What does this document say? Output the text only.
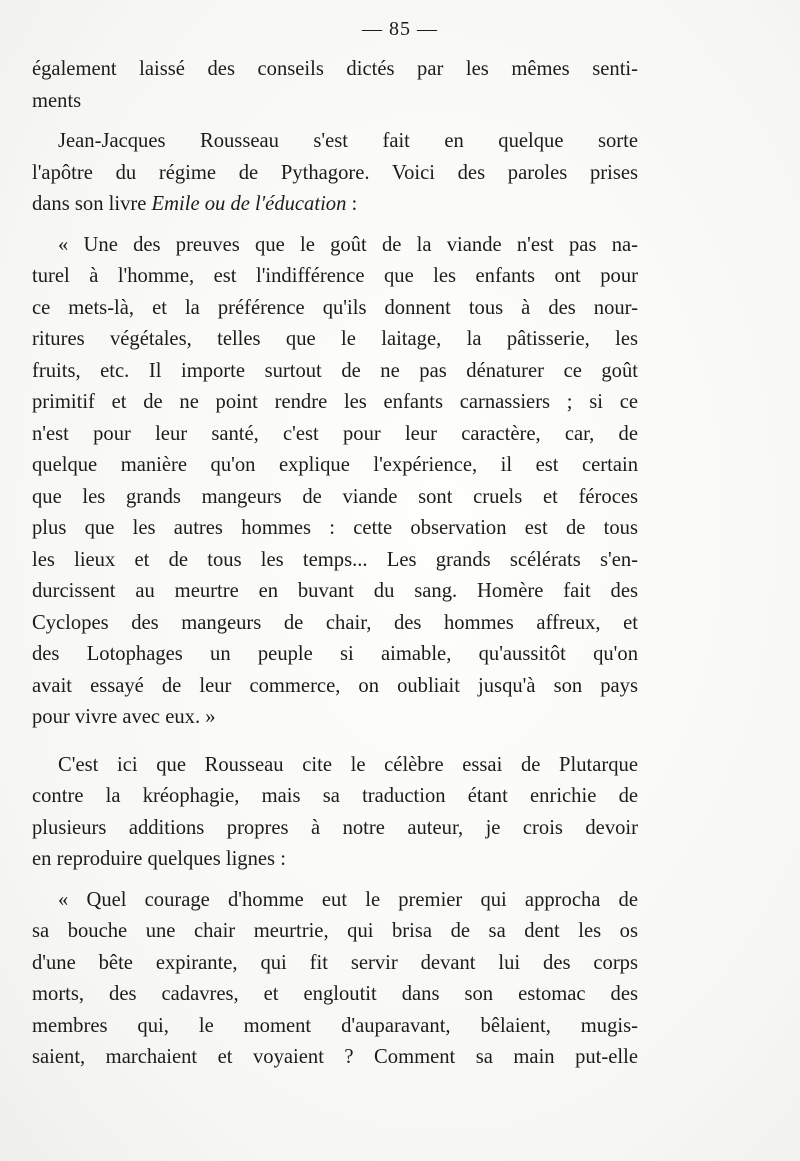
— 85 —

également laissé des conseils dictés par les mêmes senti-
ments

Jean-Jacques Rousseau s'est fait en quelque sorte
l'apôtre du régime de Pythagore. Voici des paroles prises
dans son livre Emile ou de l'éducation :

« Une des preuves que le goût de la viande n'est pas na-
turel à l'homme, est l'indifférence que les enfants ont pour
ce mets-là, et la préférence qu'ils donnent tous à des nour-
ritures végétales, telles que le laitage, la pâtisserie, les
fruits, etc. Il importe surtout de ne pas dénaturer ce goût
primitif et de ne point rendre les enfants carnassiers ; si ce
n'est pour leur santé, c'est pour leur caractère, car, de
quelque manière qu'on explique l'expérience, il est certain
que les grands mangeurs de viande sont cruels et féroces
plus que les autres hommes : cette observation est de tous
les lieux et de tous les temps... Les grands scélérats s'en-
durcissent au meurtre en buvant du sang. Homère fait des
Cyclopes des mangeurs de chair, des hommes affreux, et
des Lotophages un peuple si aimable, qu'aussitôt qu'on
avait essayé de leur commerce, on oubliait jusqu'à son pays
pour vivre avec eux. »

C'est ici que Rousseau cite le célèbre essai de Plutarque
contre la kréophagie, mais sa traduction étant enrichie de
plusieurs additions propres à notre auteur, je crois devoir
en reproduire quelques lignes :

« Quel courage d'homme eut le premier qui approcha de
sa bouche une chair meurtrie, qui brisa de sa dent les os
d'une bête expirante, qui fit servir devant lui des corps
morts, des cadavres, et engloutit dans son estomac des
membres qui, le moment d'auparavant, bêlaient, mugis-
saient, marchaient et voyaient ? Comment sa main put-elle
